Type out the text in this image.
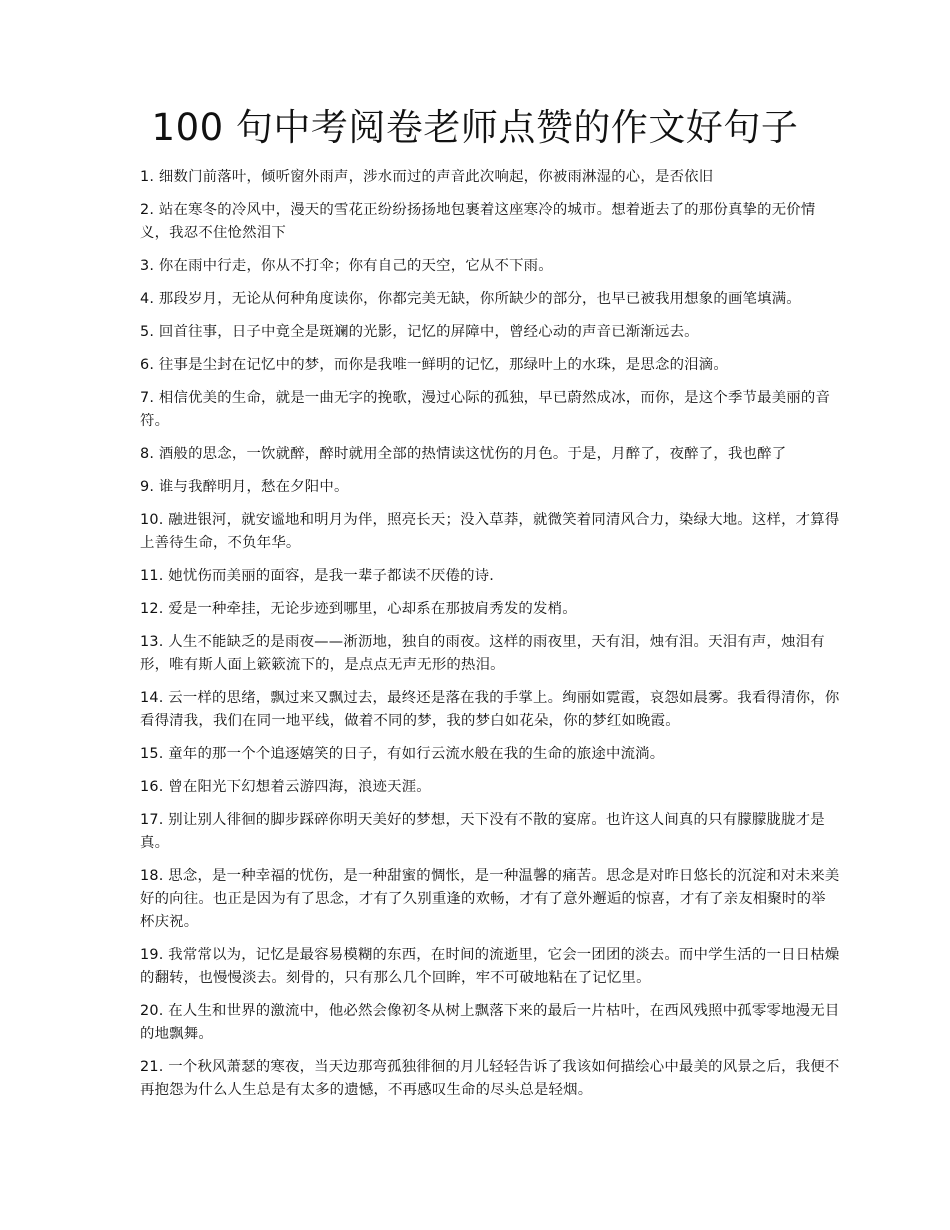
100 句中考阅卷老师点赞的作文好句子
1. 细数门前落叶，倾听窗外雨声，涉水而过的声音此次响起，你被雨淋湿的心，是否依旧
2. 站在寒冬的冷风中，漫天的雪花正纷纷扬扬地包裹着这座寒冷的城市。想着逝去了的那份真挚的无价情义，我忍不住怆然泪下
3. 你在雨中行走，你从不打伞；你有自己的天空，它从不下雨。
4. 那段岁月，无论从何种角度读你，你都完美无缺，你所缺少的部分，也早已被我用想象的画笔填满。
5. 回首往事，日子中竟全是斑斓的光影，记忆的屏障中，曾经心动的声音已渐渐远去。
6. 往事是尘封在记忆中的梦，而你是我唯一鲜明的记忆，那绿叶上的水珠，是思念的泪滴。
7. 相信优美的生命，就是一曲无字的挽歌，漫过心际的孤独，早已蔚然成冰，而你，是这个季节最美丽的音符。
8. 酒般的思念，一饮就醉，醉时就用全部的热情读这忧伤的月色。于是，月醉了，夜醉了，我也醉了
9. 谁与我醉明月，愁在夕阳中。
10. 融进银河，就安谧地和明月为伴，照亮长天；没入草莽，就微笑着同清风合力，染绿大地。这样，才算得上善待生命，不负年华。
11. 她忧伤而美丽的面容，是我一辈子都读不厌倦的诗.
12. 爱是一种牵挂，无论步迹到哪里，心却系在那披肩秀发的发梢。
13. 人生不能缺乏的是雨夜——淅沥地，独自的雨夜。这样的雨夜里，天有泪，烛有泪。天泪有声，烛泪有形，唯有斯人面上簌簌流下的，是点点无声无形的热泪。
14. 云一样的思绪，飘过来又飘过去，最终还是落在我的手掌上。绚丽如霓霞，哀怨如晨雾。我看得清你，你看得清我，我们在同一地平线，做着不同的梦，我的梦白如花朵，你的梦红如晚霞。
15. 童年的那一个个追逐嬉笑的日子，有如行云流水般在我的生命的旅途中流淌。
16. 曾在阳光下幻想着云游四海，浪迹天涯。
17. 别让别人徘徊的脚步踩碎你明天美好的梦想，天下没有不散的宴席。也许这人间真的只有朦朦胧胧才是真。
18. 思念，是一种幸福的忧伤，是一种甜蜜的惆怅，是一种温馨的痛苦。思念是对昨日悠长的沉淀和对未来美好的向往。也正是因为有了思念，才有了久别重逢的欢畅，才有了意外邂逅的惊喜，才有了亲友相聚时的举杯庆祝。
19. 我常常以为，记忆是最容易模糊的东西，在时间的流逝里，它会一团团的淡去。而中学生活的一日日枯燥的翻转，也慢慢淡去。刻骨的，只有那么几个回眸，牢不可破地粘在了记忆里。
20. 在人生和世界的激流中，他必然会像初冬从树上飘落下来的最后一片枯叶，在西风残照中孤零零地漫无目的地飘舞。
21. 一个秋风萧瑟的寒夜，当天边那弯孤独徘徊的月儿轻轻告诉了我该如何描绘心中最美的风景之后，我便不再抱怨为什么人生总是有太多的遗憾，不再感叹生命的尽头总是轻烟。
